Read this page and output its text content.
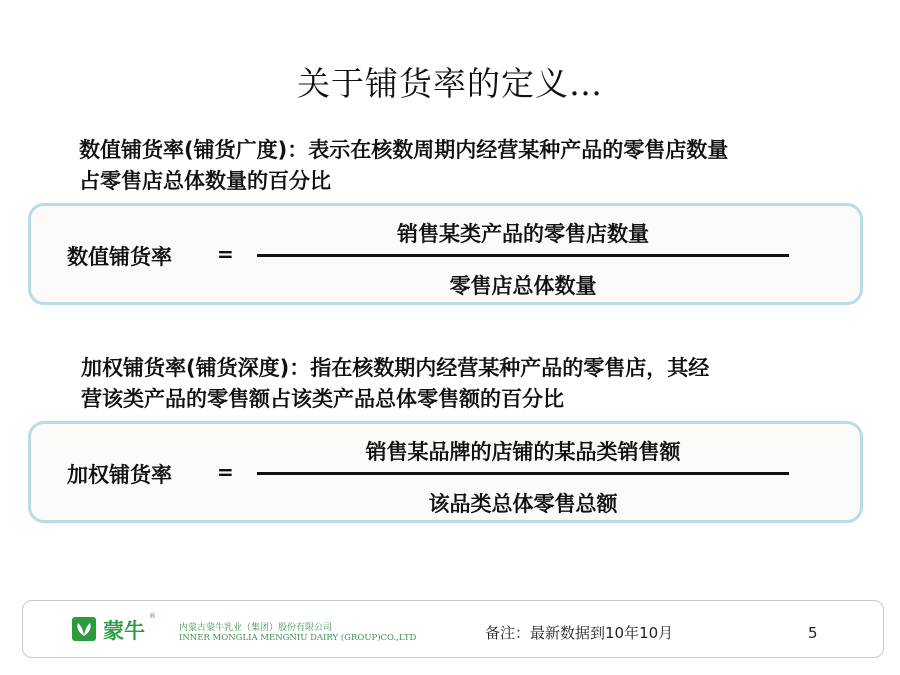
关于铺货率的定义…
数值铺货率(铺货广度)：表示在核数周期内经营某种产品的零售店数量
占零售店总体数量的百分比
数值铺货率 =
销售某类产品的零售店数量
零售店总体数量
加权铺货率(铺货深度)：指在核数期内经营某种产品的零售店，其经
营该类产品的零售额占该类产品总体零售额的百分比
加权铺货率 =
销售某品牌的店铺的某品类销售额
该品类总体零售总额
蒙牛
®
内蒙古蒙牛乳业（集团）股份有限公司
INNER MONGLIA MENGNIU DAIRY (GROUP)CO.,LTD	备注：最新数据到10年10月	5
